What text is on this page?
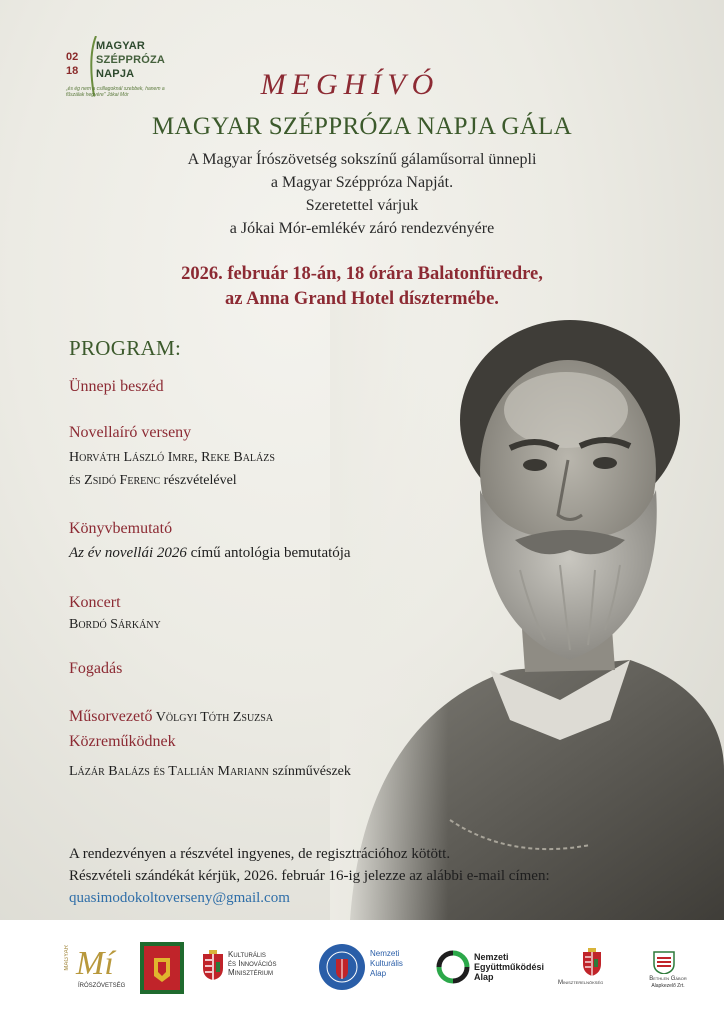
02
18
MAGYAR
SZÉPPRÓZA
NAPJA
„és ég nem a csillagoknál szebbek, hanem a fűszálak hegyére" Jókai Mór	MEGHÍVÓ
MAGYAR SZÉPPRÓZA NAPJA GÁLA
A Magyar Írószövetség sokszínű gálaműsorral ünnepli
a Magyar Széppróza Napját.
Szeretettel várjuk
a Jókai Mór-emlékév záró rendezvényére
2026. február 18-án, 18 órára Balatonfüredre,
az Anna Grand Hotel dísztermébe.
PROGRAM:
Ünnepi beszéd
Novellaíró verseny
Horváth László Imre, Reke Balázs
és Zsidó Ferenc részvételével
Könyvbemutató
Az év novellái 2026 című antológia bemutatója
Koncert
Bordó Sárkány
Fogadás
Műsorvezető Völgyi Tóth Zsuzsa
Közreműködnek
Lázár Balázs és Tallián Mariann színművészek
A rendezvényen a részvétel ingyenes, de regisztrációhoz kötött.
Részvételi szándékát kérjük, 2026. február 16-ig jelezze az alábbi e-mail címen:
quasimodokoltoverseny@gmail.com
MAGYAR Mí
ÍRÓSZÖVETSÉG
Kulturális
és Innovációs
Minisztérium
Nemzeti
Kulturális
Alap
Nemzeti
Együttműködési
Alap
Miniszterelnökség
Bethlen Gábor
Alapkezelő Zrt.
